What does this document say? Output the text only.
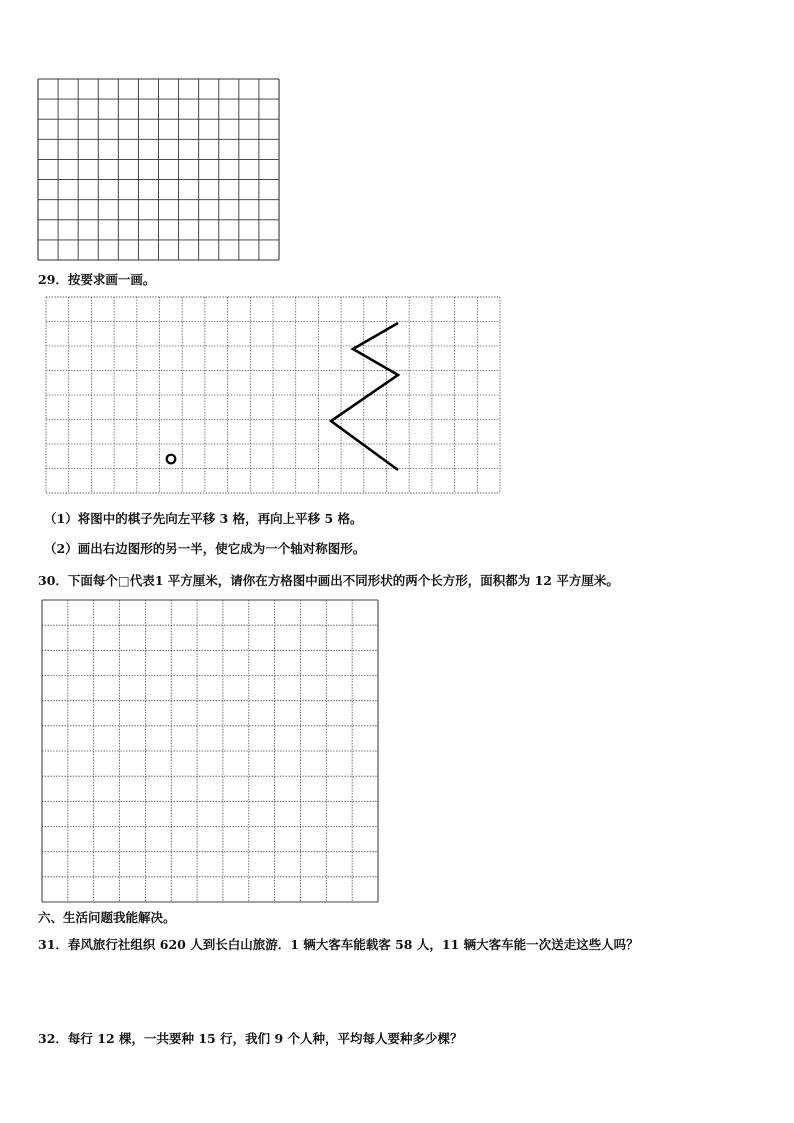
29．按要求画一画。
（1）将图中的棋子先向左平移 3 格，再向上平移 5 格。
（2）画出右边图形的另一半，使它成为一个轴对称图形。
30．下面每个□代表1 平方厘米，请你在方格图中画出不同形状的两个长方形，面积都为 12 平方厘米。
六、生活问题我能解决。
31．春风旅行社组织 620 人到长白山旅游．1 辆大客车能载客 58 人，11 辆大客车能一次送走这些人吗？
32．每行 12 棵，一共要种 15 行，我们 9 个人种，平均每人要种多少棵？
